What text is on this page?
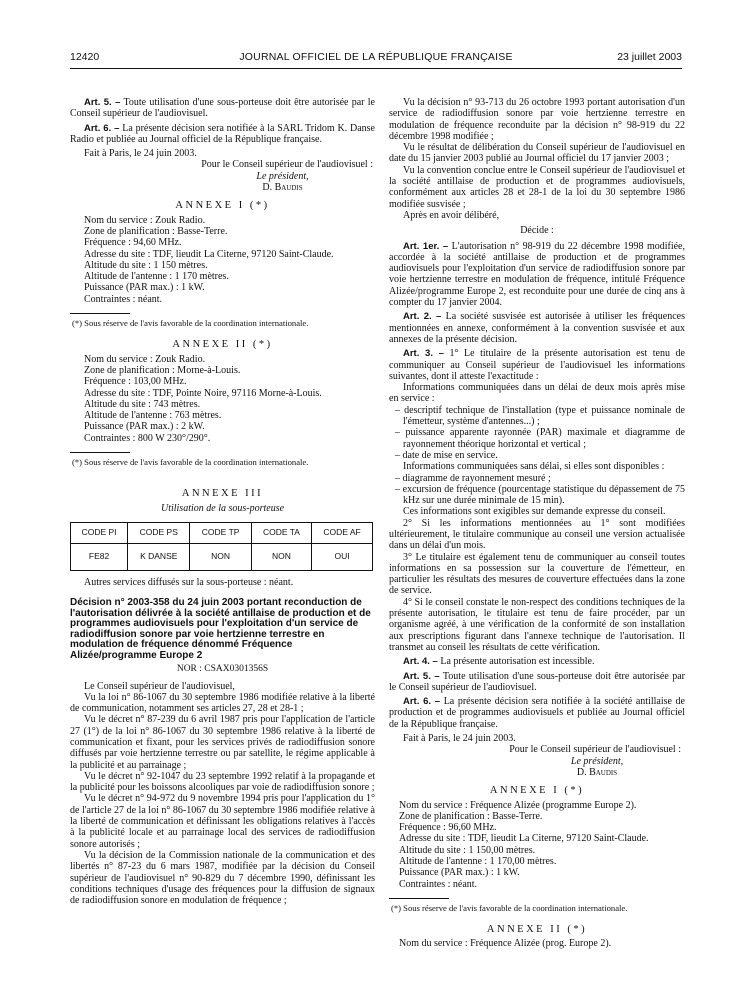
12420	JOURNAL OFFICIEL DE LA RÉPUBLIQUE FRANÇAISE	23 juillet 2003

Art. 5. – Toute utilisation d'une sous-porteuse doit être autorisée par le Conseil supérieur de l'audiovisuel.

Art. 6. – La présente décision sera notifiée à la SARL Tridom K. Danse Radio et publiée au Journal officiel de la République française.

Fait à Paris, le 24 juin 2003.

Pour le Conseil supérieur de l'audiovisuel :

Le président,

D. Baudis

ANNEXE I (*)
Nom du service : Zouk Radio.
Zone de planification : Basse-Terre.
Fréquence : 94,60 MHz.
Adresse du site : TDF, lieudit La Citerne, 97120 Saint-Claude.
Altitude du site : 1 150 mètres.
Altitude de l'antenne : 1 170 mètres.
Puissance (PAR max.) : 1 kW.
Contraintes : néant.

(*) Sous réserve de l'avis favorable de la coordination internationale.

ANNEXE II (*)
Nom du service : Zouk Radio.
Zone de planification : Morne-à-Louis.
Fréquence : 103,00 MHz.
Adresse du site : TDF, Pointe Noire, 97116 Morne-à-Louis.
Altitude du site : 743 mètres.
Altitude de l'antenne : 763 mètres.
Puissance (PAR max.) : 2 kW.
Contraintes : 800 W 230°/290°.

(*) Sous réserve de l'avis favorable de la coordination internationale.

ANNEXE III

Utilisation de la sous-porteuse

CODE PI	CODE PS	CODE TP	CODE TA	CODE AF
FE82	K DANSE	NON	NON	OUI

Autres services diffusés sur la sous-porteuse : néant.

Décision n° 2003-358 du 24 juin 2003 portant reconduction de l'autorisation délivrée à la société antillaise de production et de programmes audiovisuels pour l'exploitation d'un service de radiodiffusion sonore par voie hertzienne terrestre en modulation de fréquence dénommé Fréquence Alizée/programme Europe 2

NOR : CSAX0301356S

Le Conseil supérieur de l'audiovisuel,

Vu la loi n° 86-1067 du 30 septembre 1986 modifiée relative à la liberté de communication, notamment ses articles 27, 28 et 28-1 ;

Vu le décret n° 87-239 du 6 avril 1987 pris pour l'application de l'article 27 (1°) de la loi n° 86-1067 du 30 septembre 1986 relative à la liberté de communication et fixant, pour les services privés de radiodiffusion sonore diffusés par voie hertzienne terrestre ou par satellite, le régime applicable à la publicité et au parrainage ;

Vu le décret n° 92-1047 du 23 septembre 1992 relatif à la propagande et la publicité pour les boissons alcooliques par voie de radiodiffusion sonore ;

Vu le décret n° 94-972 du 9 novembre 1994 pris pour l'application du 1° de l'article 27 de la loi n° 86-1067 du 30 septembre 1986 modifiée relative à la liberté de communication et définissant les obligations relatives à l'accès à la publicité locale et au parrainage local des services de radiodiffusion sonore autorisés ;

Vu la décision de la Commission nationale de la communication et des libertés n° 87-23 du 6 mars 1987, modifiée par la décision du Conseil supérieur de l'audiovisuel n° 90-829 du 7 décembre 1990, définissant les conditions techniques d'usage des fréquences pour la diffusion de signaux de radiodiffusion sonore en modulation de fréquence ;

Vu la décision n° 93-713 du 26 octobre 1993 portant autorisation d'un service de radiodiffusion sonore par voie hertzienne terrestre en modulation de fréquence reconduite par la décision n° 98-919 du 22 décembre 1998 modifiée ;

Vu le résultat de délibération du Conseil supérieur de l'audiovisuel en date du 15 janvier 2003 publié au Journal officiel du 17 janvier 2003 ;

Vu la convention conclue entre le Conseil supérieur de l'audiovisuel et la société antillaise de production et de programmes audiovisuels, conformément aux articles 28 et 28-1 de la loi du 30 septembre 1986 modifiée susvisée ;

Après en avoir délibéré,

Décide :

Art. 1er. – L'autorisation n° 98-919 du 22 décembre 1998 modifiée, accordée à la société antillaise de production et de programmes audiovisuels pour l'exploitation d'un service de radiodiffusion sonore par voie hertzienne terrestre en modulation de fréquence, intitulé Fréquence Alizée/programme Europe 2, est reconduite pour une durée de cinq ans à compter du 17 janvier 2004.

Art. 2. – La société susvisée est autorisée à utiliser les fréquences mentionnées en annexe, conformément à la convention susvisée et aux annexes de la présente décision.

Art. 3. – 1° Le titulaire de la présente autorisation est tenu de communiquer au Conseil supérieur de l'audiovisuel les informations suivantes, dont il atteste l'exactitude :

Informations communiquées dans un délai de deux mois après mise en service :

– descriptif technique de l'installation (type et puissance nominale de l'émetteur, système d'antennes...) ;

– puissance apparente rayonnée (PAR) maximale et diagramme de rayonnement théorique horizontal et vertical ;

– date de mise en service.

Informations communiquées sans délai, si elles sont disponibles :

– diagramme de rayonnement mesuré ;

– excursion de fréquence (pourcentage statistique du dépassement de 75 kHz sur une durée minimale de 15 min).

Ces informations sont exigibles sur demande expresse du conseil.

2° Si les informations mentionnées au 1° sont modifiées ultérieurement, le titulaire communique au conseil une version actualisée dans un délai d'un mois.

3° Le titulaire est également tenu de communiquer au conseil toutes informations en sa possession sur la couverture de l'émetteur, en particulier les résultats des mesures de couverture effectuées dans la zone de service.

4° Si le conseil constate le non-respect des conditions techniques de la présente autorisation, le titulaire est tenu de faire procéder, par un organisme agréé, à une vérification de la conformité de son installation aux prescriptions figurant dans l'annexe technique de l'autorisation. Il transmet au conseil les résultats de cette vérification.

Art. 4. – La présente autorisation est incessible.

Art. 5. – Toute utilisation d'une sous-porteuse doit être autorisée par le Conseil supérieur de l'audiovisuel.

Art. 6. – La présente décision sera notifiée à la société antillaise de production et de programmes audiovisuels et publiée au Journal officiel de la République française.

Fait à Paris, le 24 juin 2003.

Pour le Conseil supérieur de l'audiovisuel :

Le président,

D. Baudis

ANNEXE I (*)
Nom du service : Fréquence Alizée (programme Europe 2).
Zone de planification : Basse-Terre.
Fréquence : 96,60 MHz.
Adresse du site : TDF, lieudit La Citerne, 97120 Saint-Claude.
Altitude du site : 1 150,00 mètres.
Altitude de l'antenne : 1 170,00 mètres.
Puissance (PAR max.) : 1 kW.
Contraintes : néant.

(*) Sous réserve de l'avis favorable de la coordination internationale.

ANNEXE II (*)

Nom du service : Fréquence Alizée (prog. Europe 2).
